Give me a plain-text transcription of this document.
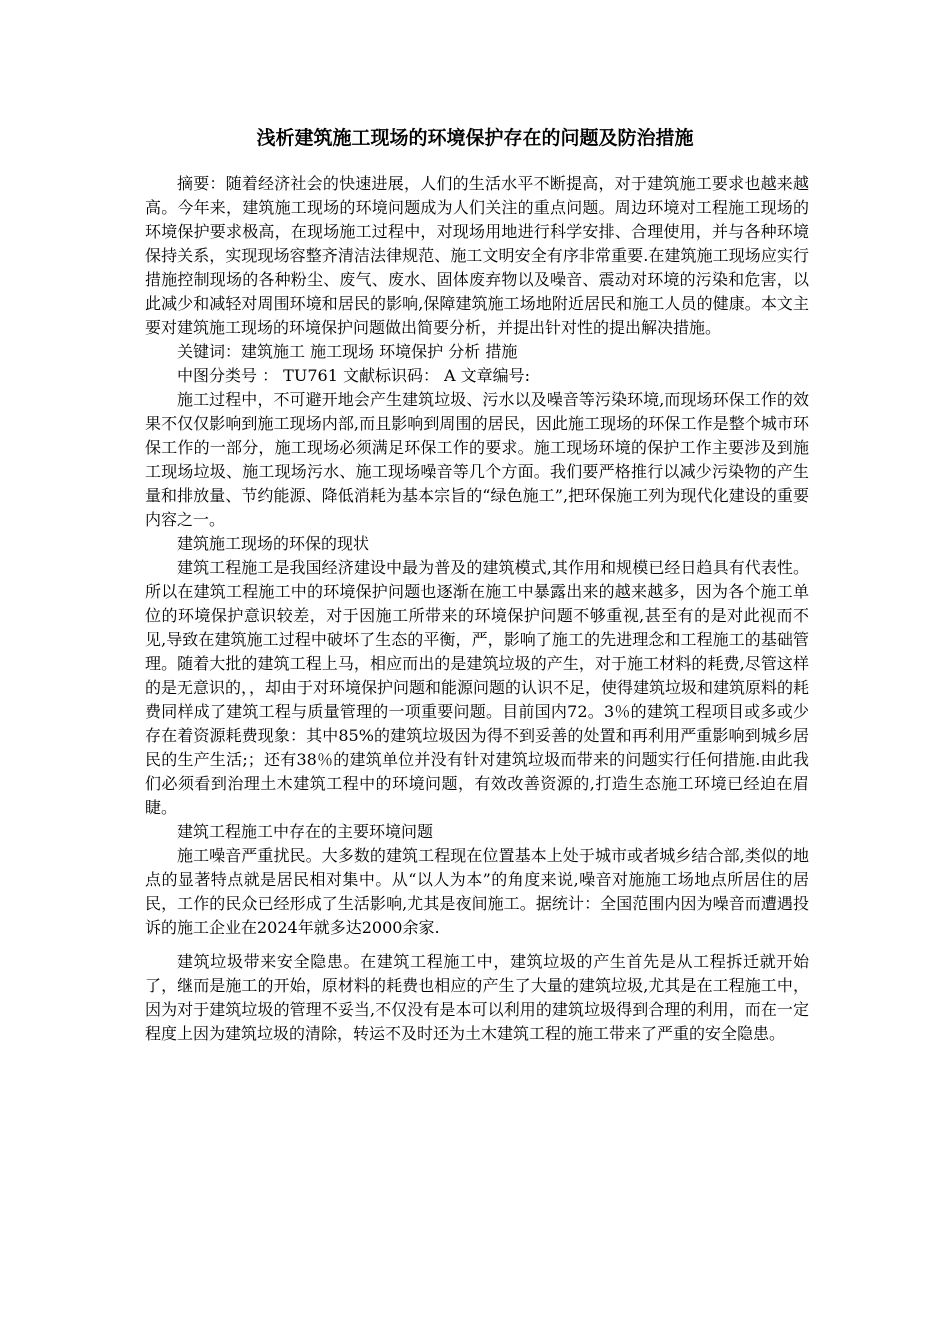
浅析建筑施工现场的环境保护存在的问题及防治措施

摘要：随着经济社会的快速进展，人们的生活水平不断提高，对于建筑施工要求也越来越高。今年来，建筑施工现场的环境问题成为人们关注的重点问题。周边环境对工程施工现场的环境保护要求极高，在现场施工过程中，对现场用地进行科学安排、合理使用，并与各种环境保持关系，实现现场容整齐清洁法律规范、施工文明安全有序非常重要.在建筑施工现场应实行措施控制现场的各种粉尘、废气、废水、固体废弃物以及噪音、震动对环境的污染和危害，以此减少和减轻对周围环境和居民的影响,保障建筑施工场地附近居民和施工人员的健康。本文主要对建筑施工现场的环境保护问题做出简要分析，并提出针对性的提出解决措施。

关键词：建筑施工 施工现场 环境保护 分析 措施

中图分类号 ： TU761 文献标识码： A 文章编号:

施工过程中，不可避开地会产生建筑垃圾、污水以及噪音等污染环境,而现场环保工作的效果不仅仅影响到施工现场内部,而且影响到周围的居民，因此施工现场的环保工作是整个城市环保工作的一部分，施工现场必须满足环保工作的要求。施工现场环境的保护工作主要涉及到施工现场垃圾、施工现场污水、施工现场噪音等几个方面。我们要严格推行以减少污染物的产生量和排放量、节约能源、降低消耗为基本宗旨的“绿色施工”,把环保施工列为现代化建设的重要内容之一。

建筑施工现场的环保的现状

建筑工程施工是我国经济建设中最为普及的建筑模式,其作用和规模已经日趋具有代表性。所以在建筑工程施工中的环境保护问题也逐渐在施工中暴露出来的越来越多，因为各个施工单位的环境保护意识较差，对于因施工所带来的环境保护问题不够重视,甚至有的是对此视而不见,导致在建筑施工过程中破坏了生态的平衡，严，影响了施工的先进理念和工程施工的基础管理。随着大批的建筑工程上马，相应而出的是建筑垃圾的产生，对于施工材料的耗费,尽管这样的是无意识的，，却由于对环境保护问题和能源问题的认识不足，使得建筑垃圾和建筑原料的耗费同样成了建筑工程与质量管理的一项重要问题。目前国内72。3％的建筑工程项目或多或少存在着资源耗费现象：其中85%的建筑垃圾因为得不到妥善的处置和再利用严重影响到城乡居民的生产生活;；还有38％的建筑单位并没有针对建筑垃圾而带来的问题实行任何措施.由此我们必须看到治理土木建筑工程中的环境问题，有效改善资源的,打造生态施工环境已经迫在眉睫。

建筑工程施工中存在的主要环境问题

施工噪音严重扰民。大多数的建筑工程现在位置基本上处于城市或者城乡结合部,类似的地点的显著特点就是居民相对集中。从“以人为本”的角度来说,噪音对施施工场地点所居住的居民，工作的民众已经形成了生活影响,尤其是夜间施工。据统计：全国范围内因为噪音而遭遇投诉的施工企业在2024年就多达2000余家.

建筑垃圾带来安全隐患。在建筑工程施工中，建筑垃圾的产生首先是从工程拆迁就开始了，继而是施工的开始，原材料的耗费也相应的产生了大量的建筑垃圾,尤其是在工程施工中，因为对于建筑垃圾的管理不妥当,不仅没有是本可以利用的建筑垃圾得到合理的利用，而在一定程度上因为建筑垃圾的清除，转运不及时还为土木建筑工程的施工带来了严重的安全隐患。
